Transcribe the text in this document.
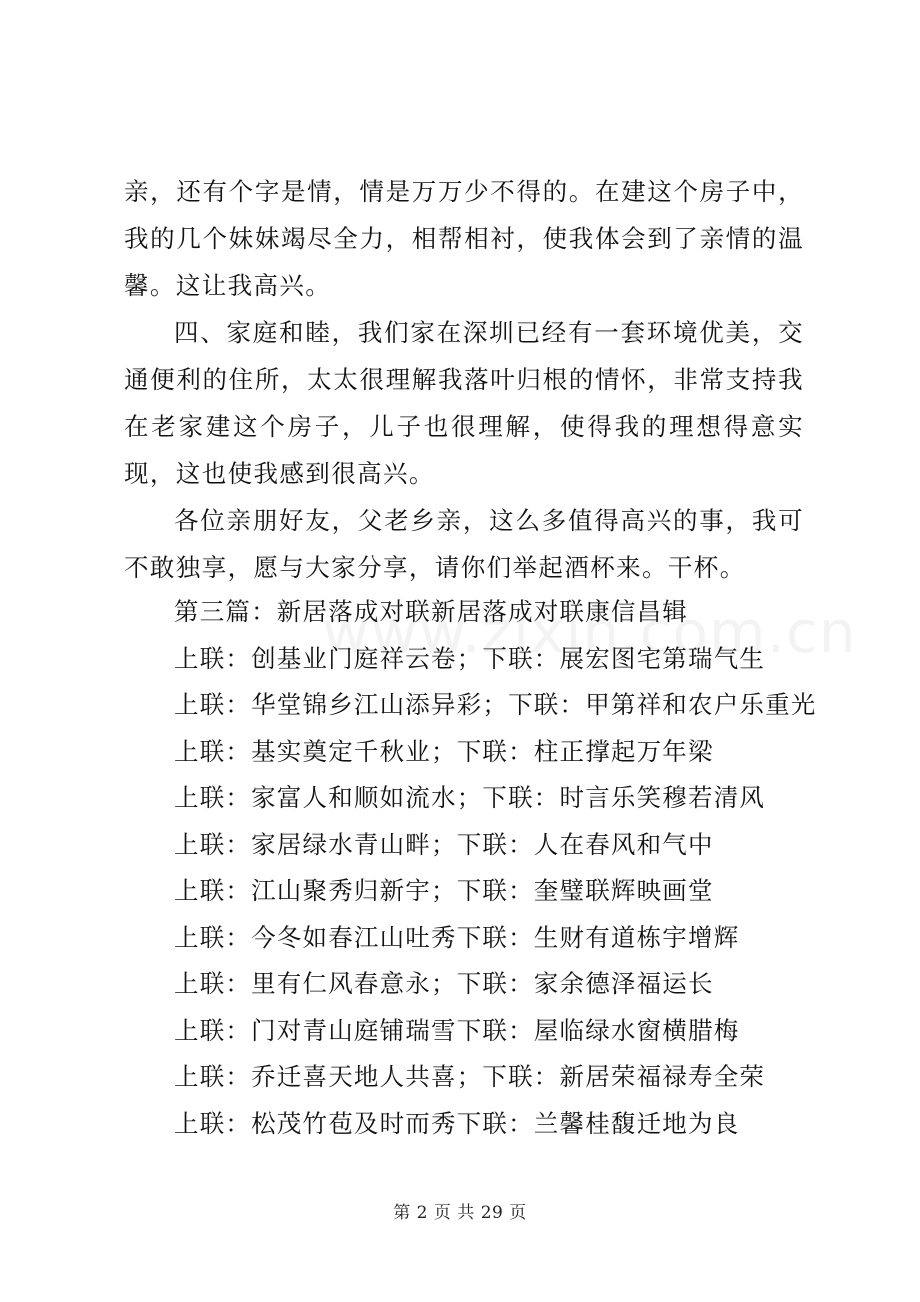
亲，还有个字是情，情是万万少不得的。在建这个房子中，我的几个妹妹竭尽全力，相帮相衬，使我体会到了亲情的温馨。这让我高兴。

四、家庭和睦，我们家在深圳已经有一套环境优美，交通便利的住所，太太很理解我落叶归根的情怀，非常支持我在老家建这个房子，儿子也很理解，使得我的理想得意实现，这也使我感到很高兴。

各位亲朋好友，父老乡亲，这么多值得高兴的事，我可不敢独享，愿与大家分享，请你们举起酒杯来。干杯。

第三篇：新居落成对联新居落成对联康信昌辑

上联：创基业门庭祥云卷；下联：展宏图宅第瑞气生

上联：华堂锦乡江山添异彩；下联：甲第祥和农户乐重光

上联：基实奠定千秋业；下联：柱正撑起万年梁

上联：家富人和顺如流水；下联：时言乐笑穆若清风

上联：家居绿水青山畔；下联：人在春风和气中

上联：江山聚秀归新宇；下联：奎璧联辉映画堂

上联：今冬如春江山吐秀下联：生财有道栋宇增辉

上联：里有仁风春意永；下联：家余德泽福运长

上联：门对青山庭铺瑞雪下联：屋临绿水窗横腊梅

上联：乔迁喜天地人共喜；下联：新居荣福禄寿全荣

上联：松茂竹苞及时而秀下联：兰馨桂馥迁地为良

第 2 页 共 29 页
